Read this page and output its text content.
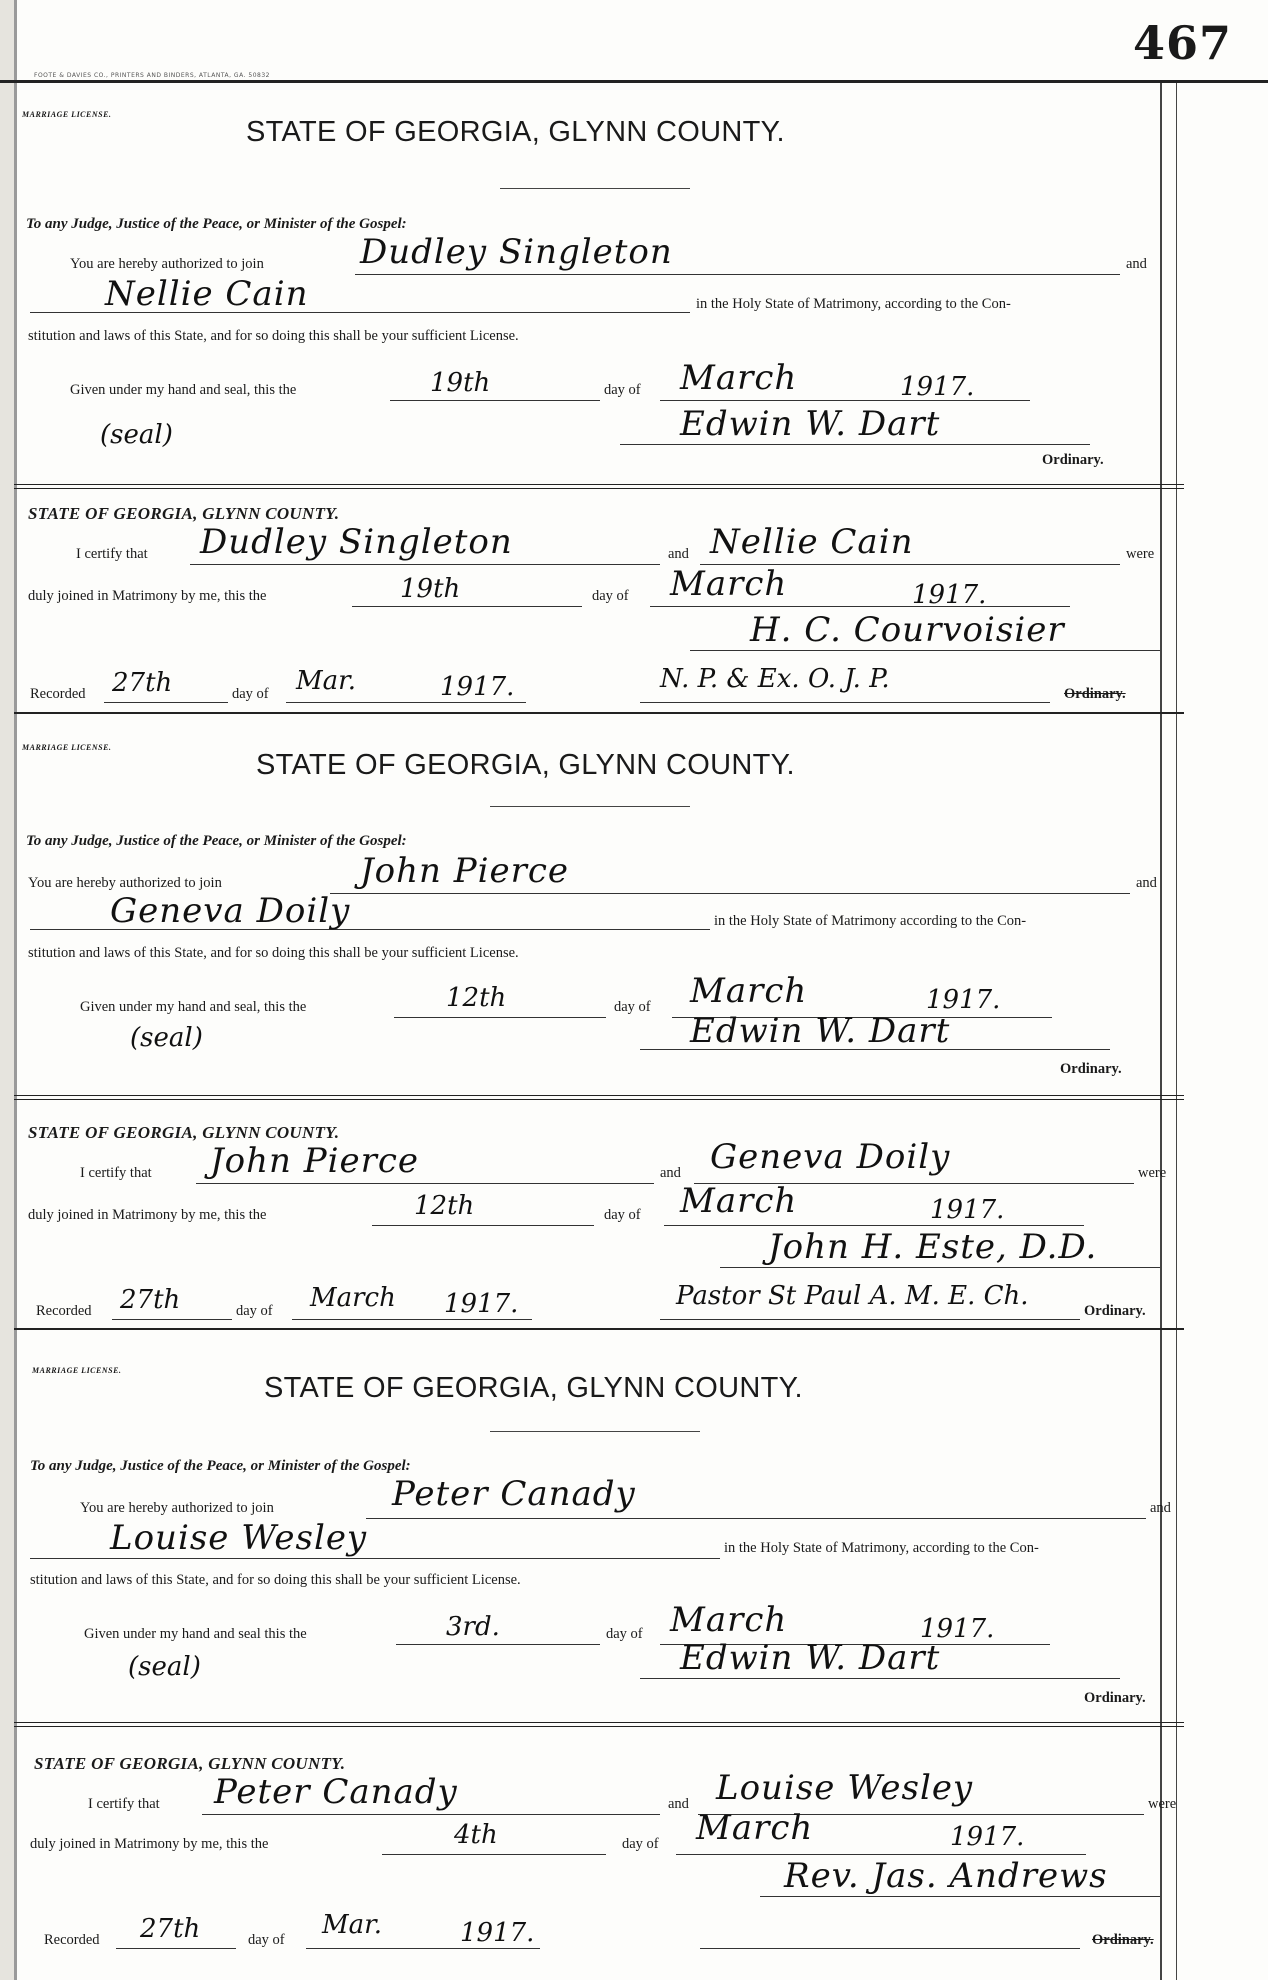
467
FOOTE & DAVIES CO., PRINTERS AND BINDERS, ATLANTA, GA. 50832
MARRIAGE LICENSE.
STATE OF GEORGIA, GLYNN COUNTY.
To any Judge, Justice of the Peace, or Minister of the Gospel:
You are hereby authorized to join	Dudley Singleton	and
Nellie Cain	in the Holy State of Matrimony, according to the Con-
stitution and laws of this State, and for so doing this shall be your sufficient License.
Given under my hand and seal, this the	19th	day of March	1917.
(seal)	Edwin W. Dart
Ordinary.
STATE OF GEORGIA, GLYNN COUNTY.
I certify that Dudley Singleton	and Nellie Cain	were
duly joined in Matrimony by me, this the	19th	day of March	1917.
H. C. Courvoisier
Recorded 27th	day of Mar.	1917.	N. P. & Ex. O. J. P.	Ordinary.
MARRIAGE LICENSE.
STATE OF GEORGIA, GLYNN COUNTY.
To any Judge, Justice of the Peace, or Minister of the Gospel:
You are hereby authorized to join	John Pierce	and
Genevа Doily	in the Holy State of Matrimony according to the Con-
stitution and laws of this State, and for so doing this shall be your sufficient License.
Given under my hand and seal, this the	12th	day of March	1917.
(seal)	Edwin W. Dart
Ordinary.
STATE OF GEORGIA, GLYNN COUNTY.
I certify that John Pierce	and Genevа Doily	were
duly joined in Matrimony by me, this the	12th	day of March	1917.
John H. Este, D.D.
Recorded 27th	day of March 1917.	Pastor St Paul A. M. E. Ch.	Ordinary.
MARRIAGE LICENSE.
STATE OF GEORGIA, GLYNN COUNTY.
To any Judge, Justice of the Peace, or Minister of the Gospel:
You are hereby authorized to join	Peter Canady	and
Louise Wesley	in the Holy State of Matrimony, according to the Con-
stitution and laws of this State, and for so doing this shall be your sufficient License.
Given under my hand and seal this the	3rd.	day of March	1917.
(seal)	Edwin W. Dart
Ordinary.
STATE OF GEORGIA, GLYNN COUNTY.
I certify that Peter Canady	and Louise Wesley	were
duly joined in Matrimony by me, this the	4th	day of March	1917.
Rev. Jas. Andrews
Recorded 27th	day of Mar.	1917.	Ordinary.
